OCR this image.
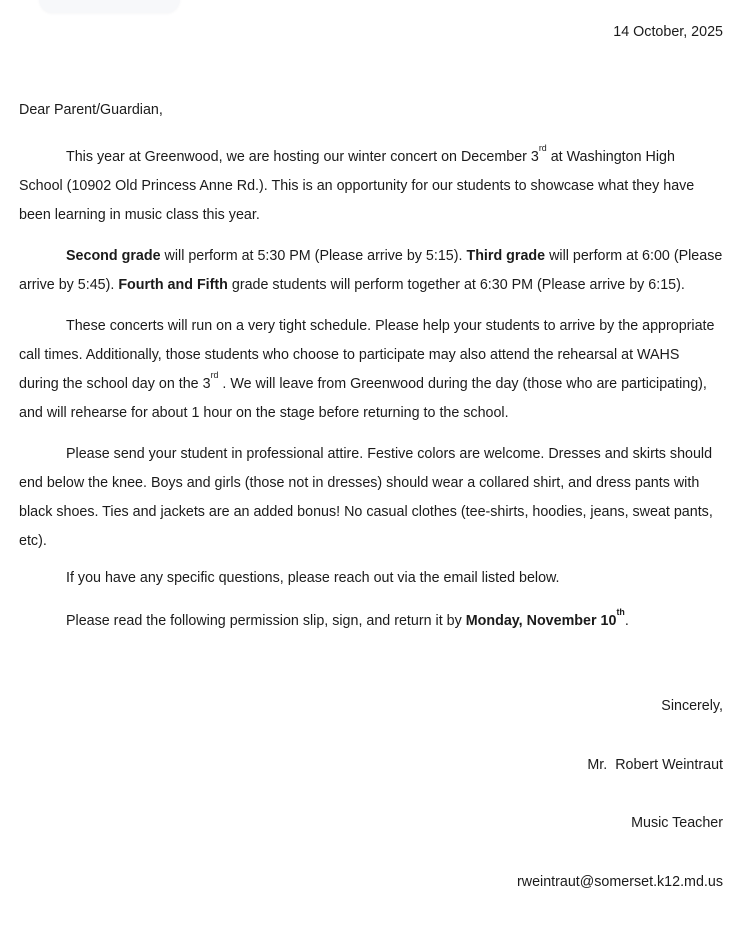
14 October, 2025
Dear Parent/Guardian,
This year at Greenwood, we are hosting our winter concert on December 3rd at Washington High
School (10902 Old Princess Anne Rd.). This is an opportunity for our students to showcase what they have
been learning in music class this year.
Second grade will perform at 5:30 PM (Please arrive by 5:15). Third grade will perform at 6:00 (Please
arrive by 5:45). Fourth and Fifth grade students will perform together at 6:30 PM (Please arrive by 6:15).
These concerts will run on a very tight schedule. Please help your students to arrive by the appropriate
call times. Additionally, those students who choose to participate may also attend the rehearsal at WAHS
during the school day on the 3rd . We will leave from Greenwood during the day (those who are participating),
and will rehearse for about 1 hour on the stage before returning to the school.
Please send your student in professional attire. Festive colors are welcome. Dresses and skirts should
end below the knee. Boys and girls (those not in dresses) should wear a collared shirt, and dress pants with
black shoes. Ties and jackets are an added bonus! No casual clothes (tee-shirts, hoodies, jeans, sweat pants,
etc).
If you have any specific questions, please reach out via the email listed below.
Please read the following permission slip, sign, and return it by Monday, November 10th.

Sincerely,

Mr.  Robert Weintraut

Music Teacher

rweintraut@somerset.k12.md.us
